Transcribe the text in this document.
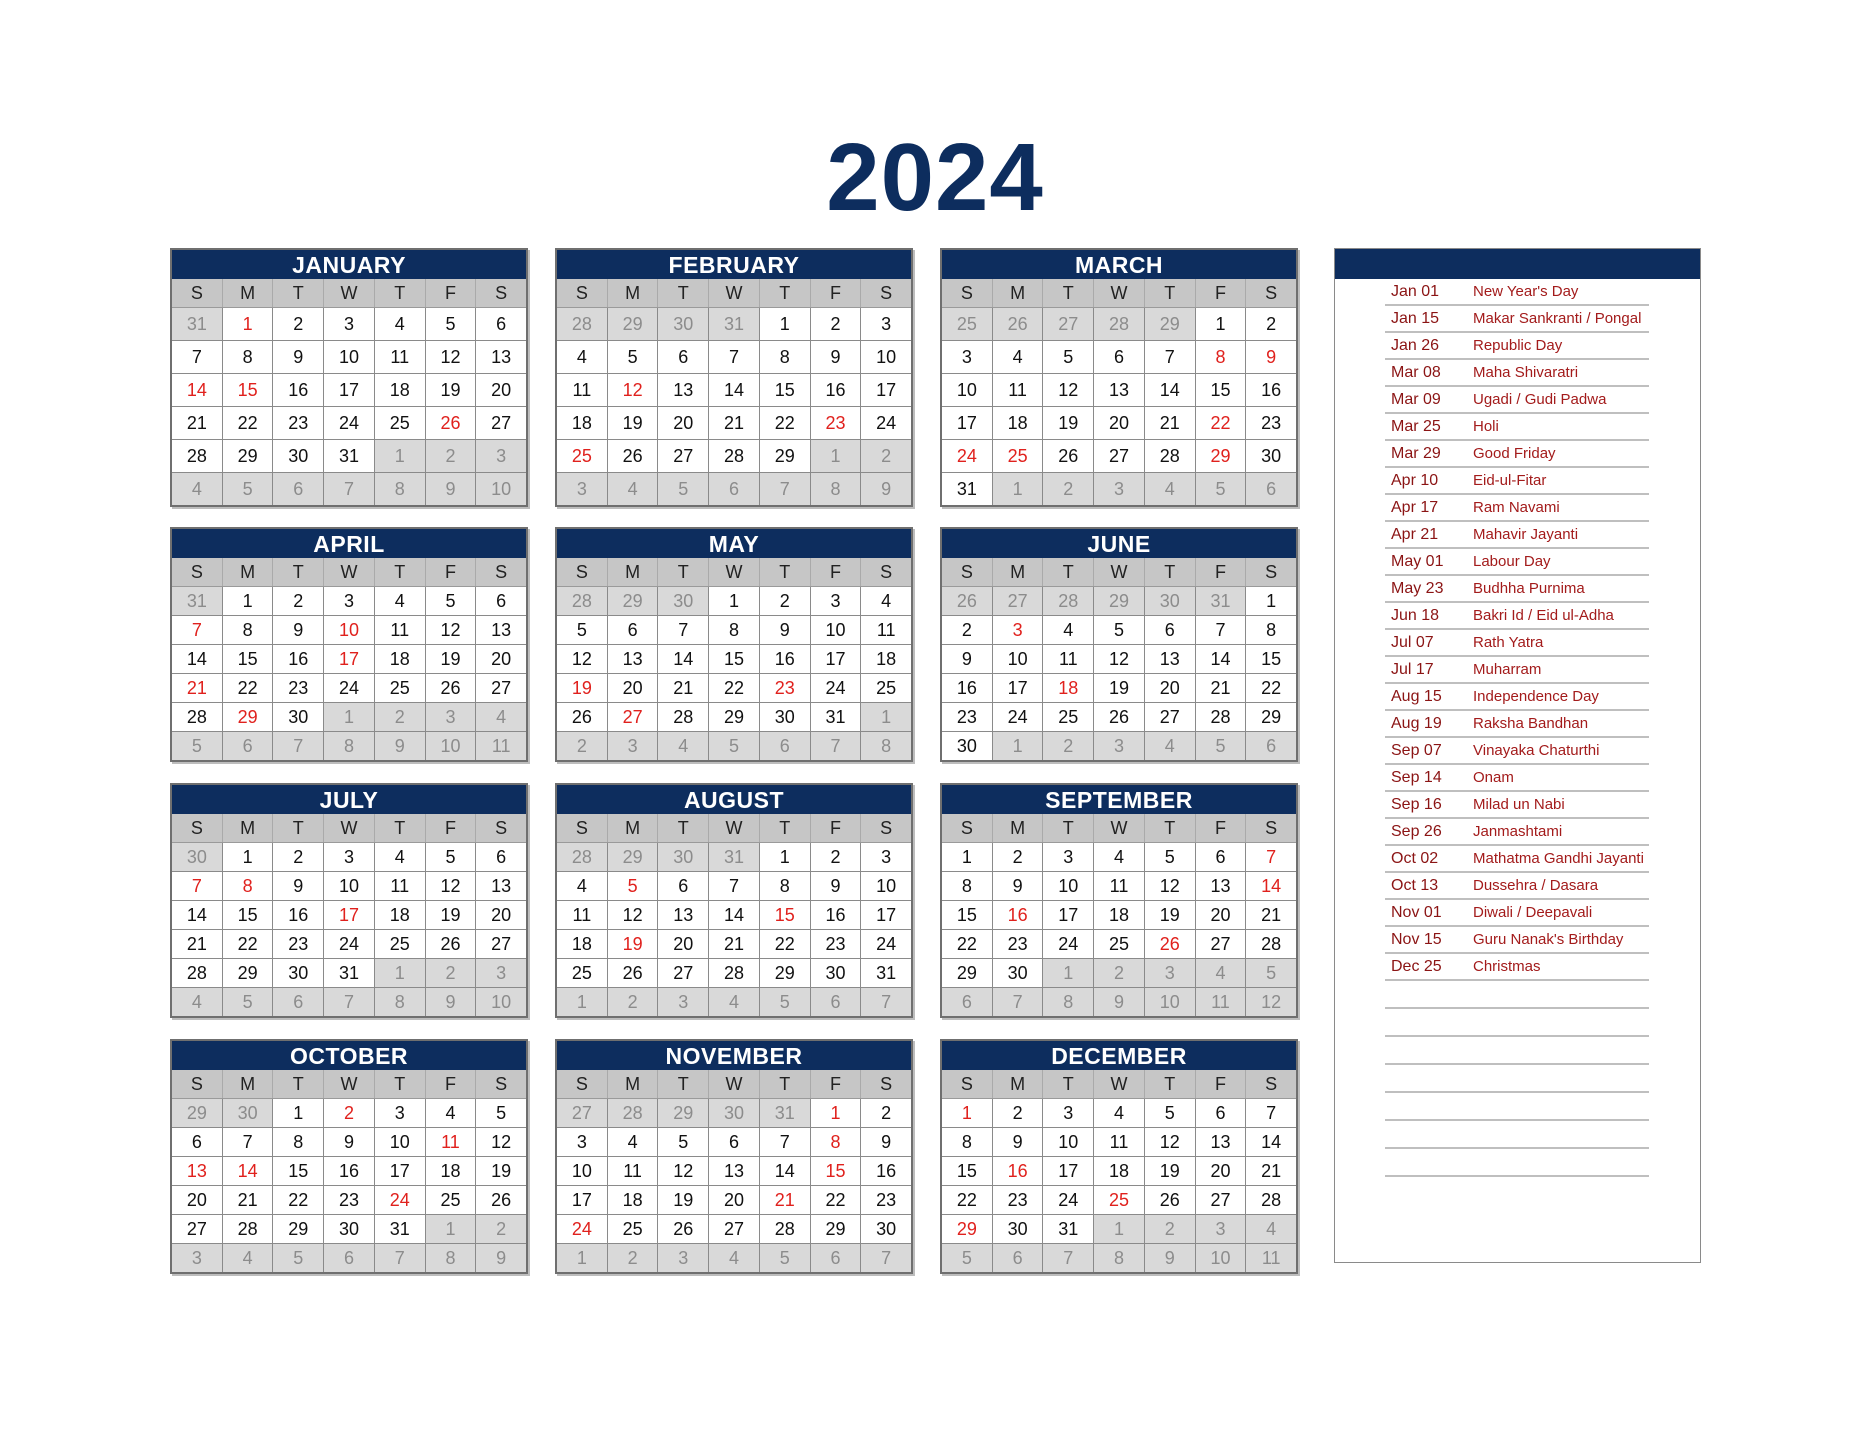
2024
JANUARY
S	M	T	W	T	F	S
31	1	2	3	4	5	6
7	8	9	10	11	12	13
14	15	16	17	18	19	20
21	22	23	24	25	26	27
28	29	30	31	1	2	3
4	5	6	7	8	9	10
FEBRUARY
S	M	T	W	T	F	S
28	29	30	31	1	2	3
4	5	6	7	8	9	10
11	12	13	14	15	16	17
18	19	20	21	22	23	24
25	26	27	28	29	1	2
3	4	5	6	7	8	9
MARCH
S	M	T	W	T	F	S
25	26	27	28	29	1	2
3	4	5	6	7	8	9
10	11	12	13	14	15	16
17	18	19	20	21	22	23
24	25	26	27	28	29	30
31	1	2	3	4	5	6
APRIL
S	M	T	W	T	F	S
31	1	2	3	4	5	6
7	8	9	10	11	12	13
14	15	16	17	18	19	20
21	22	23	24	25	26	27
28	29	30	1	2	3	4
5	6	7	8	9	10	11
MAY
S	M	T	W	T	F	S
28	29	30	1	2	3	4
5	6	7	8	9	10	11
12	13	14	15	16	17	18
19	20	21	22	23	24	25
26	27	28	29	30	31	1
2	3	4	5	6	7	8
JUNE
S	M	T	W	T	F	S
26	27	28	29	30	31	1
2	3	4	5	6	7	8
9	10	11	12	13	14	15
16	17	18	19	20	21	22
23	24	25	26	27	28	29
30	1	2	3	4	5	6
JULY
S	M	T	W	T	F	S
30	1	2	3	4	5	6
7	8	9	10	11	12	13
14	15	16	17	18	19	20
21	22	23	24	25	26	27
28	29	30	31	1	2	3
4	5	6	7	8	9	10
AUGUST
S	M	T	W	T	F	S
28	29	30	31	1	2	3
4	5	6	7	8	9	10
11	12	13	14	15	16	17
18	19	20	21	22	23	24
25	26	27	28	29	30	31
1	2	3	4	5	6	7
SEPTEMBER
S	M	T	W	T	F	S
1	2	3	4	5	6	7
8	9	10	11	12	13	14
15	16	17	18	19	20	21
22	23	24	25	26	27	28
29	30	1	2	3	4	5
6	7	8	9	10	11	12
OCTOBER
S	M	T	W	T	F	S
29	30	1	2	3	4	5
6	7	8	9	10	11	12
13	14	15	16	17	18	19
20	21	22	23	24	25	26
27	28	29	30	31	1	2
3	4	5	6	7	8	9
NOVEMBER
S	M	T	W	T	F	S
27	28	29	30	31	1	2
3	4	5	6	7	8	9
10	11	12	13	14	15	16
17	18	19	20	21	22	23
24	25	26	27	28	29	30
1	2	3	4	5	6	7
DECEMBER
S	M	T	W	T	F	S
1	2	3	4	5	6	7
8	9	10	11	12	13	14
15	16	17	18	19	20	21
22	23	24	25	26	27	28
29	30	31	1	2	3	4
5	6	7	8	9	10	11
Jan 01	New Year's Day
Jan 15	Makar Sankranti / Pongal
Jan 26	Republic Day
Mar 08	Maha Shivaratri
Mar 09	Ugadi / Gudi Padwa
Mar 25	Holi
Mar 29	Good Friday
Apr 10	Eid-ul-Fitar
Apr 17	Ram Navami
Apr 21	Mahavir Jayanti
May 01	Labour Day
May 23	Budhha Purnima
Jun 18	Bakri Id / Eid ul-Adha
Jul 07	Rath Yatra
Jul 17	Muharram
Aug 15	Independence Day
Aug 19	Raksha Bandhan
Sep 07	Vinayaka Chaturthi
Sep 14	Onam
Sep 16	Milad un Nabi
Sep 26	Janmashtami
Oct 02	Mathatma Gandhi Jayanti
Oct 13	Dussehra / Dasara
Nov 01	Diwali / Deepavali
Nov 15	Guru Nanak's Birthday
Dec 25	Christmas
